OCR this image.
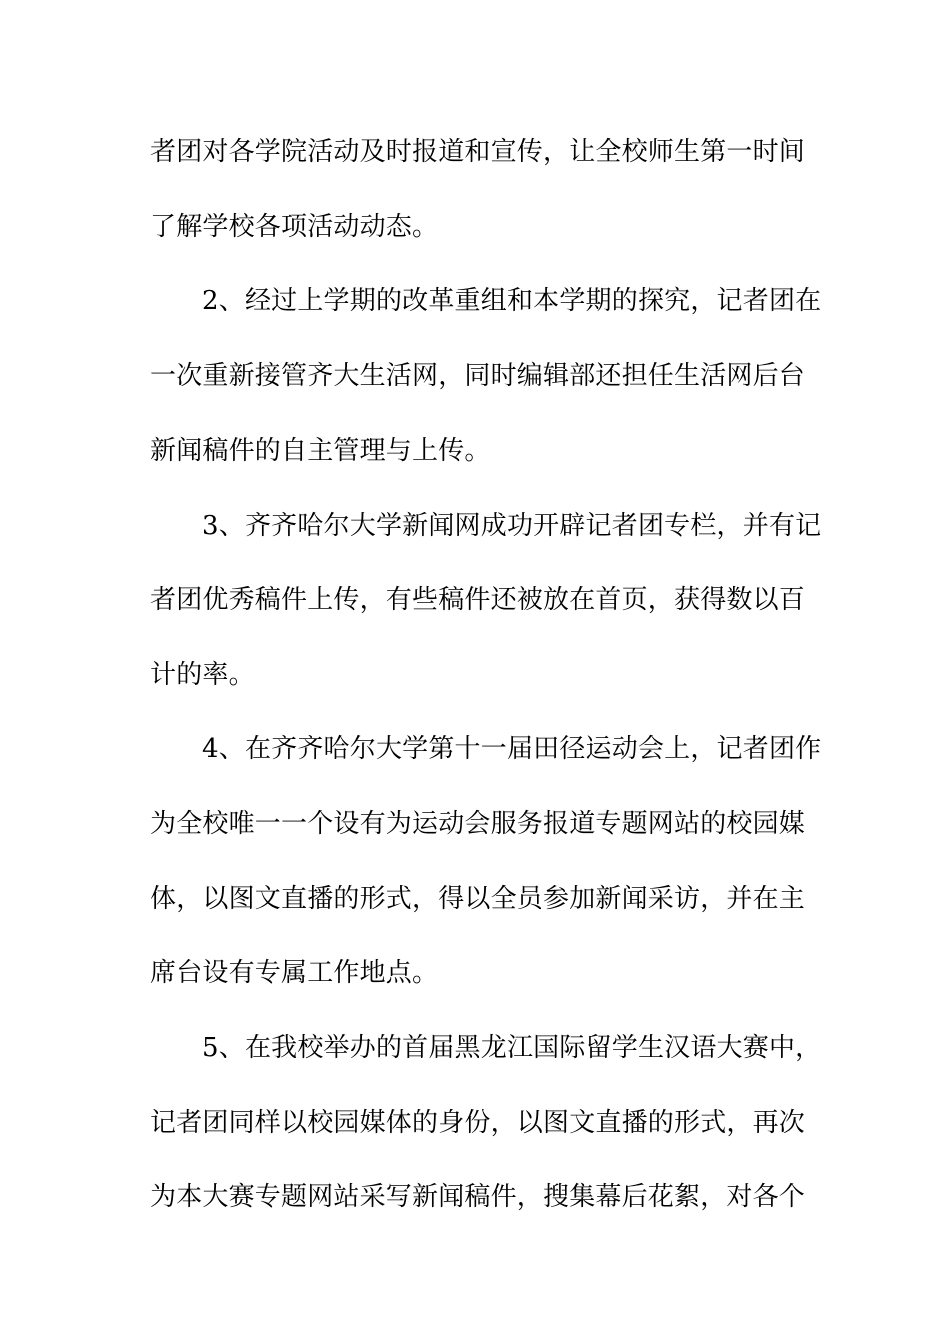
者团对各学院活动及时报道和宣传，让全校师生第一时间
了解学校各项活动动态。
2、经过上学期的改革重组和本学期的探究，记者团在
一次重新接管齐大生活网，同时编辑部还担任生活网后台
新闻稿件的自主管理与上传。
3、齐齐哈尔大学新闻网成功开辟记者团专栏，并有记
者团优秀稿件上传，有些稿件还被放在首页，获得数以百
计的率。
4、在齐齐哈尔大学第十一届田径运动会上，记者团作
为全校唯一一个设有为运动会服务报道专题网站的校园媒
体，以图文直播的形式，得以全员参加新闻采访，并在主
席台设有专属工作地点。
5、在我校举办的首届黑龙江国际留学生汉语大赛中，
记者团同样以校园媒体的身份，以图文直播的形式，再次
为本大赛专题网站采写新闻稿件，搜集幕后花絮，对各个
